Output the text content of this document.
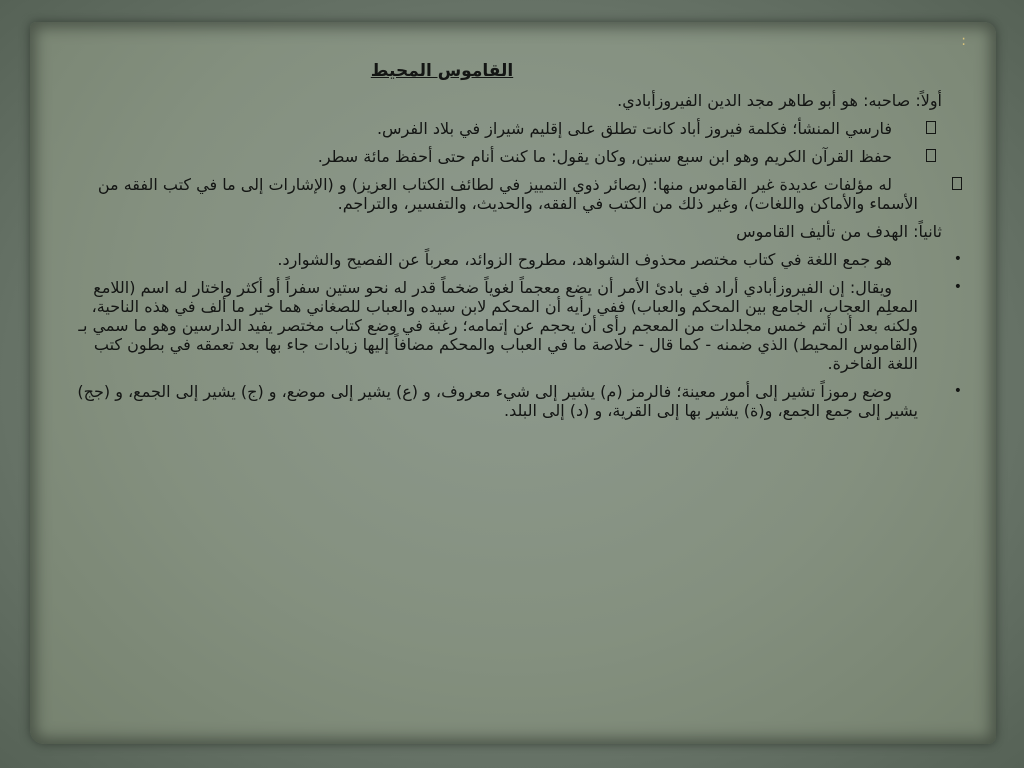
:
القاموس المحيط
أولاً: صاحبه: هو أبو طاهر مجد الدين الفيروزأبادي.
فارسي المنشأ؛ فكلمة فيروز أباد كانت تطلق على إقليم شيراز في بلاد الفرس.
حفظ القرآن الكريم وهو ابن سبع سنين, وكان يقول: ما كنت أنام حتى أحفظ مائة سطر.
له مؤلفات عديدة غير القاموس منها: (بصائر ذوي التمييز في لطائف الكتاب العزيز) و (الإشارات إلى ما في كتب الفقه من الأسماء والأماكن واللغات)، وغير ذلك من الكتب في الفقه، والحديث، والتفسير، والتراجم.
ثانياً: الهدف من تأليف القاموس
•
هو جمع اللغة في كتاب مختصر محذوف الشواهد، مطروح الزوائد، معرباً عن الفصيح والشوارد.
•
ويقال: إن الفيروزأبادي أراد في بادئ الأمر أن يضع معجماً لغوياً ضخماً قدر له نحو ستين سفراً أو أكثر واختار له اسم (اللامع المعلِم العجاب، الجامع بين المحكم والعباب) ففي رأيه أن المحكم لابن سيده والعباب للصغاني هما خير ما ألف في هذه الناحية، ولكنه بعد أن أتم خمس مجلدات من المعجم رأى أن يحجم عن إتمامه؛ رغبة في وضع كتاب مختصر يفيد الدارسين وهو ما سمي بـ (القاموس المحيط) الذي ضمنه - كما قال - خلاصة ما في العباب والمحكم مضافاً إليها زيادات جاء بها بعد تعمقه في بطون كتب اللغة الفاخرة.
•
وضع رموزاً تشير إلى أمور معينة؛ فالرمز (م) يشير إلى شيء معروف، و (ع) يشير إلى موضع، و (ج) يشير إلى الجمع، و (جج) يشير إلى جمع الجمع، و(ة) يشير بها إلى القرية، و (د) إلى البلد.
